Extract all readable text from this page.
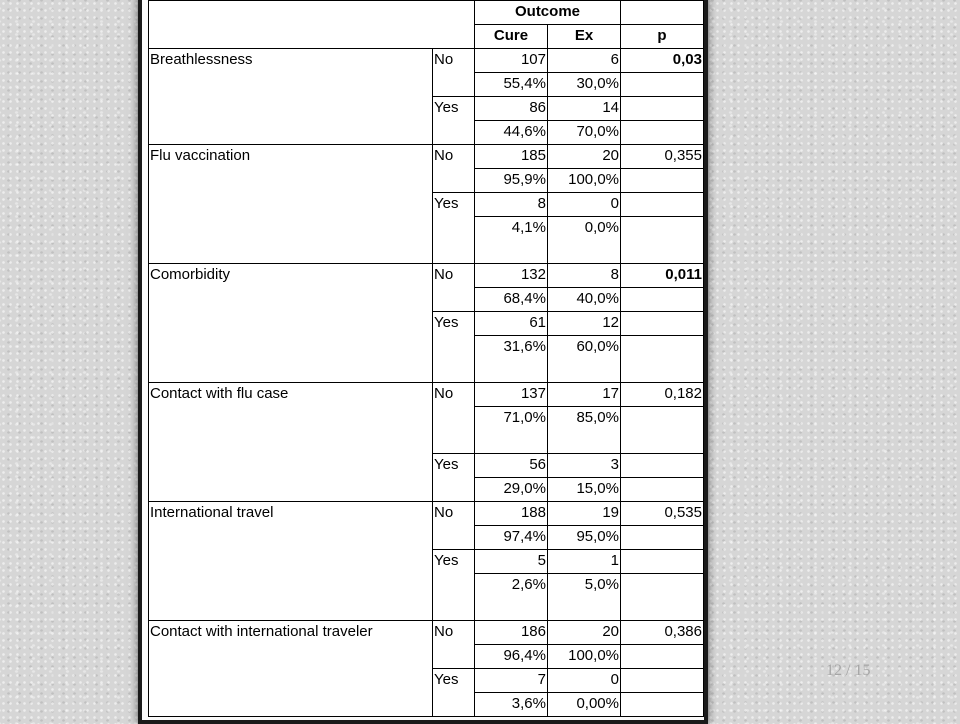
		Outcome		
		Cure	Ex	p
Breathlessness	No	107	6	0,03
		55,4%	30,0%	
	Yes	86	14	
		44,6%	70,0%	
Flu vaccination	No	185	20	0,355
		95,9%	100,0%	
	Yes	8	0	
		4,1%	0,0%	
Comorbidity	No	132	8	0,011
		68,4%	40,0%	
	Yes	61	12	
		31,6%	60,0%	
Contact with flu case	No	137	17	0,182
		71,0%	85,0%	
	Yes	56	3	
		29,0%	15,0%	
International travel	No	188	19	0,535
		97,4%	95,0%	
	Yes	5	1	
		2,6%	5,0%	
Contact with international traveler	No	186	20	0,386
		96,4%	100,0%	
	Yes	7	0	
		3,6%	0,00%	
12 / 15
